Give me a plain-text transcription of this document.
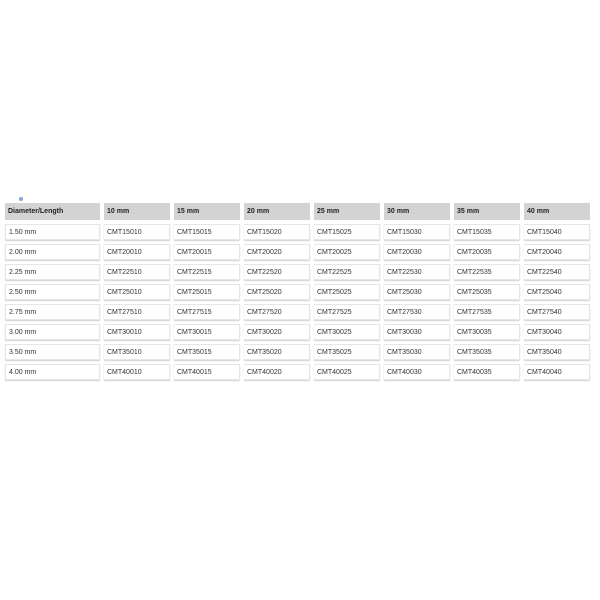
Diameter/Length	10 mm	15 mm	20 mm	25 mm	30 mm	35 mm	40 mm
1.50 mm	CMT15010	CMT15015	CMT15020	CMT15025	CMT15030	CMT15035	CMT15040
2.00 mm	CMT20010	CMT20015	CMT20020	CMT20025	CMT20030	CMT20035	CMT20040
2.25 mm	CMT22510	CMT22515	CMT22520	CMT22525	CMT22530	CMT22535	CMT22540
2.50 mm	CMT25010	CMT25015	CMT25020	CMT25025	CMT25030	CMT25035	CMT25040
2.75 mm	CMT27510	CMT27515	CMT27520	CMT27525	CMT27530	CMT27535	CMT27540
3.00 mm	CMT30010	CMT30015	CMT30020	CMT30025	CMT30030	CMT30035	CMT30040
3.50 mm	CMT35010	CMT35015	CMT35020	CMT35025	CMT35030	CMT35035	CMT35040
4.00 mm	CMT40010	CMT40015	CMT40020	CMT40025	CMT40030	CMT40035	CMT40040
